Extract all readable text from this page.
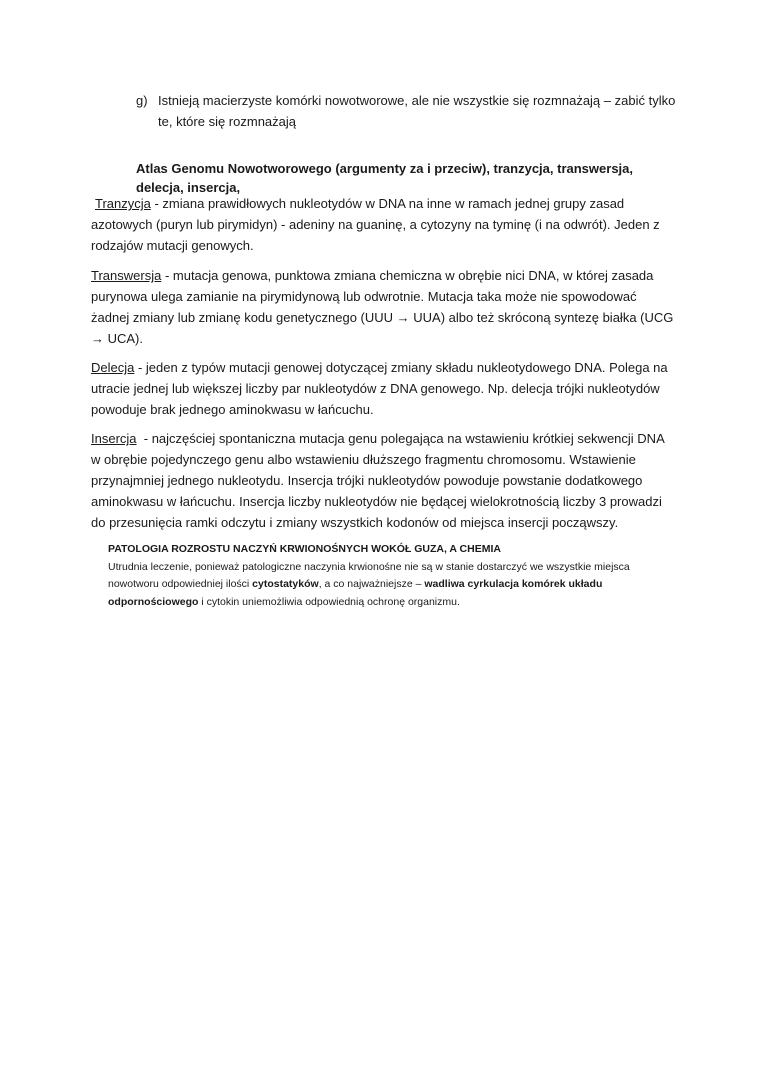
g) Istnieją macierzyste komórki nowotworowe, ale nie wszystkie się rozmnażają – zabić tylko te, które się rozmnażają
Atlas Genomu Nowotworowego (argumenty za i przeciw), tranzycja, transwersja, delecja, insercja,

Tranzycja - zmiana prawidłowych nukleotydów w DNA na inne w ramach jednej grupy zasad azotowych (puryn lub pirymidyn) - adeniny na guaninę, a cytozyny na tyminę (i na odwrót). Jeden z rodzajów mutacji genowych.

Transwersja - mutacja genowa, punktowa zmiana chemiczna w obrębie nici DNA, w której zasada purynowa ulega zamianie na pirymidynową lub odwrotnie. Mutacja taka może nie spowodować żadnej zmiany lub zmianę kodu genetycznego (UUU → UUA) albo też skróconą syntezę białka (UCG → UCA).

Delecja - jeden z typów mutacji genowej dotyczącej zmiany składu nukleotydowego DNA. Polega na utracie jednej lub większej liczby par nukleotydów z DNA genowego. Np. delecja trójki nukleotydów powoduje brak jednego aminokwasu w łańcuchu.

Insercja  - najczęściej spontaniczna mutacja genu polegająca na wstawieniu krótkiej sekwencji DNA w obrębie pojedynczego genu albo wstawieniu dłuższego fragmentu chromosomu. Wstawienie przynajmniej jednego nukleotydu. Insercja trójki nukleotydów powoduje powstanie dodatkowego aminokwasu w łańcuchu. Insercja liczby nukleotydów nie będącej wielokrotnością liczby 3 prowadzi do przesunięcia ramki odczytu i zmiany wszystkich kodonów od miejsca insercji począwszy.

PATOLOGIA ROZROSTU NACZYŃ KRWIONOŚNYCH WOKÓŁ GUZA, A CHEMIA
Utrudnia leczenie, ponieważ patologiczne naczynia krwionośne nie są w stanie dostarczyć we wszystkie miejsca nowotworu odpowiedniej ilości cytostatyków, a co najważniejsze – wadliwa cyrkulacja komórek układu odpornościowego i cytokin uniemożliwia odpowiednią ochronę organizmu.
